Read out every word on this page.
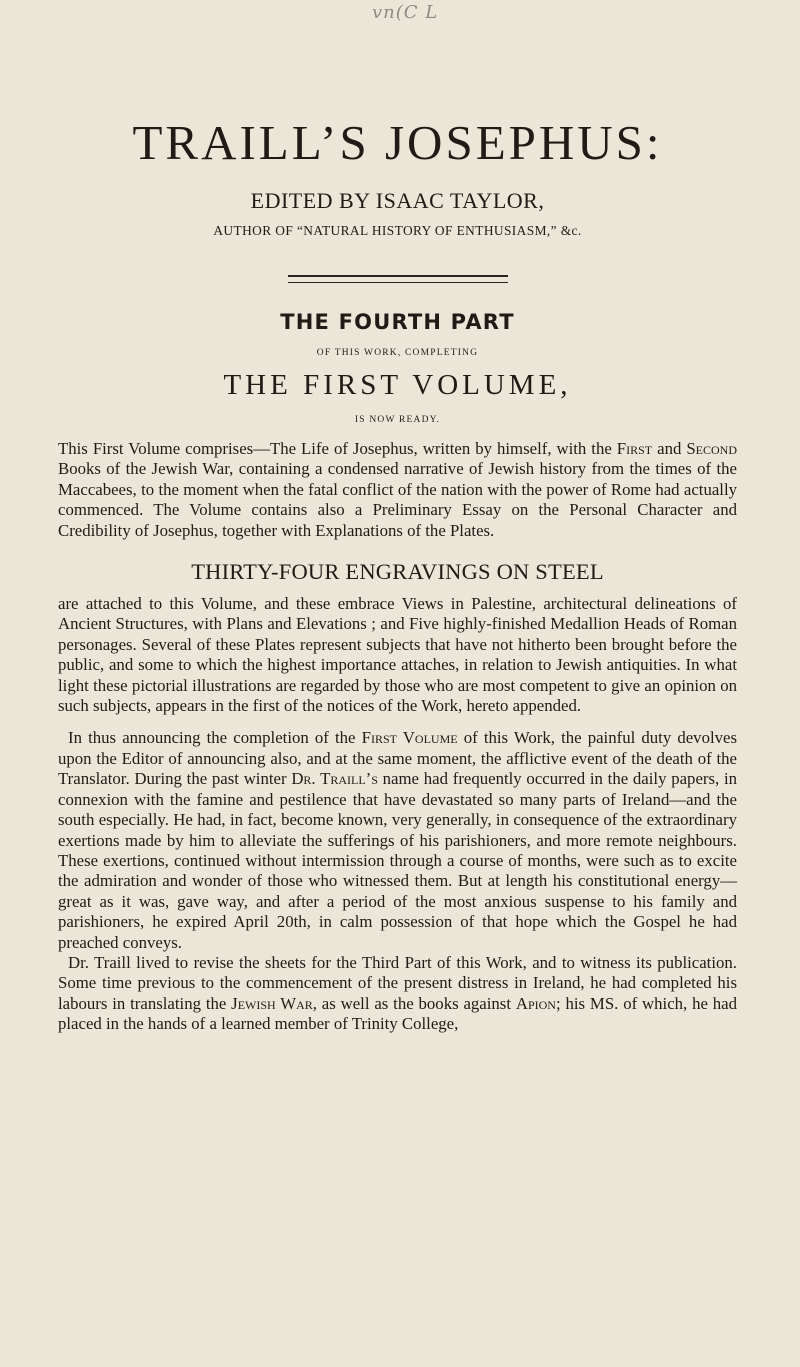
vn(C L
TRAILL’S JOSEPHUS:
EDITED BY ISAAC TAYLOR,
AUTHOR OF “NATURAL HISTORY OF ENTHUSIASM,” &c.
THE FOURTH PART
OF THIS WORK, COMPLETING
THE FIRST VOLUME,
IS NOW READY.

This First Volume comprises—The Life of Josephus, written by himself, with the First and Second Books of the Jewish War, containing a condensed narrative of Jewish history from the times of the Maccabees, to the moment when the fatal conflict of the nation with the power of Rome had actually commenced. The Volume contains also a Preliminary Essay on the Personal Character and Credibility of Josephus, together with Explanations of the Plates.

THIRTY-FOUR ENGRAVINGS ON STEEL

are attached to this Volume, and these embrace Views in Palestine, architectural delineations of Ancient Structures, with Plans and Elevations ; and Five highly-finished Medallion Heads of Roman personages. Several of these Plates represent subjects that have not hitherto been brought before the public, and some to which the highest importance attaches, in relation to Jewish antiquities. In what light these pictorial illustrations are regarded by those who are most competent to give an opinion on such subjects, appears in the first of the notices of the Work, hereto appended.

In thus announcing the completion of the First Volume of this Work, the painful duty devolves upon the Editor of announcing also, and at the same moment, the afflictive event of the death of the Translator. During the past winter Dr. Traill’s name had frequently occurred in the daily papers, in connexion with the famine and pestilence that have devastated so many parts of Ireland—and the south especially. He had, in fact, become known, very generally, in consequence of the extraordinary exertions made by him to alleviate the sufferings of his parishioners, and more remote neighbours. These exertions, continued without intermission through a course of months, were such as to excite the admiration and wonder of those who witnessed them. But at length his constitutional energy— great as it was, gave way, and after a period of the most anxious suspense to his family and parishioners, he expired April 20th, in calm possession of that hope which the Gospel he had preached conveys.

Dr. Traill lived to revise the sheets for the Third Part of this Work, and to witness its publication. Some time previous to the commencement of the present distress in Ireland, he had completed his labours in translating the Jewish War, as well as the books against Apion; his MS. of which, he had placed in the hands of a learned member of Trinity College,
